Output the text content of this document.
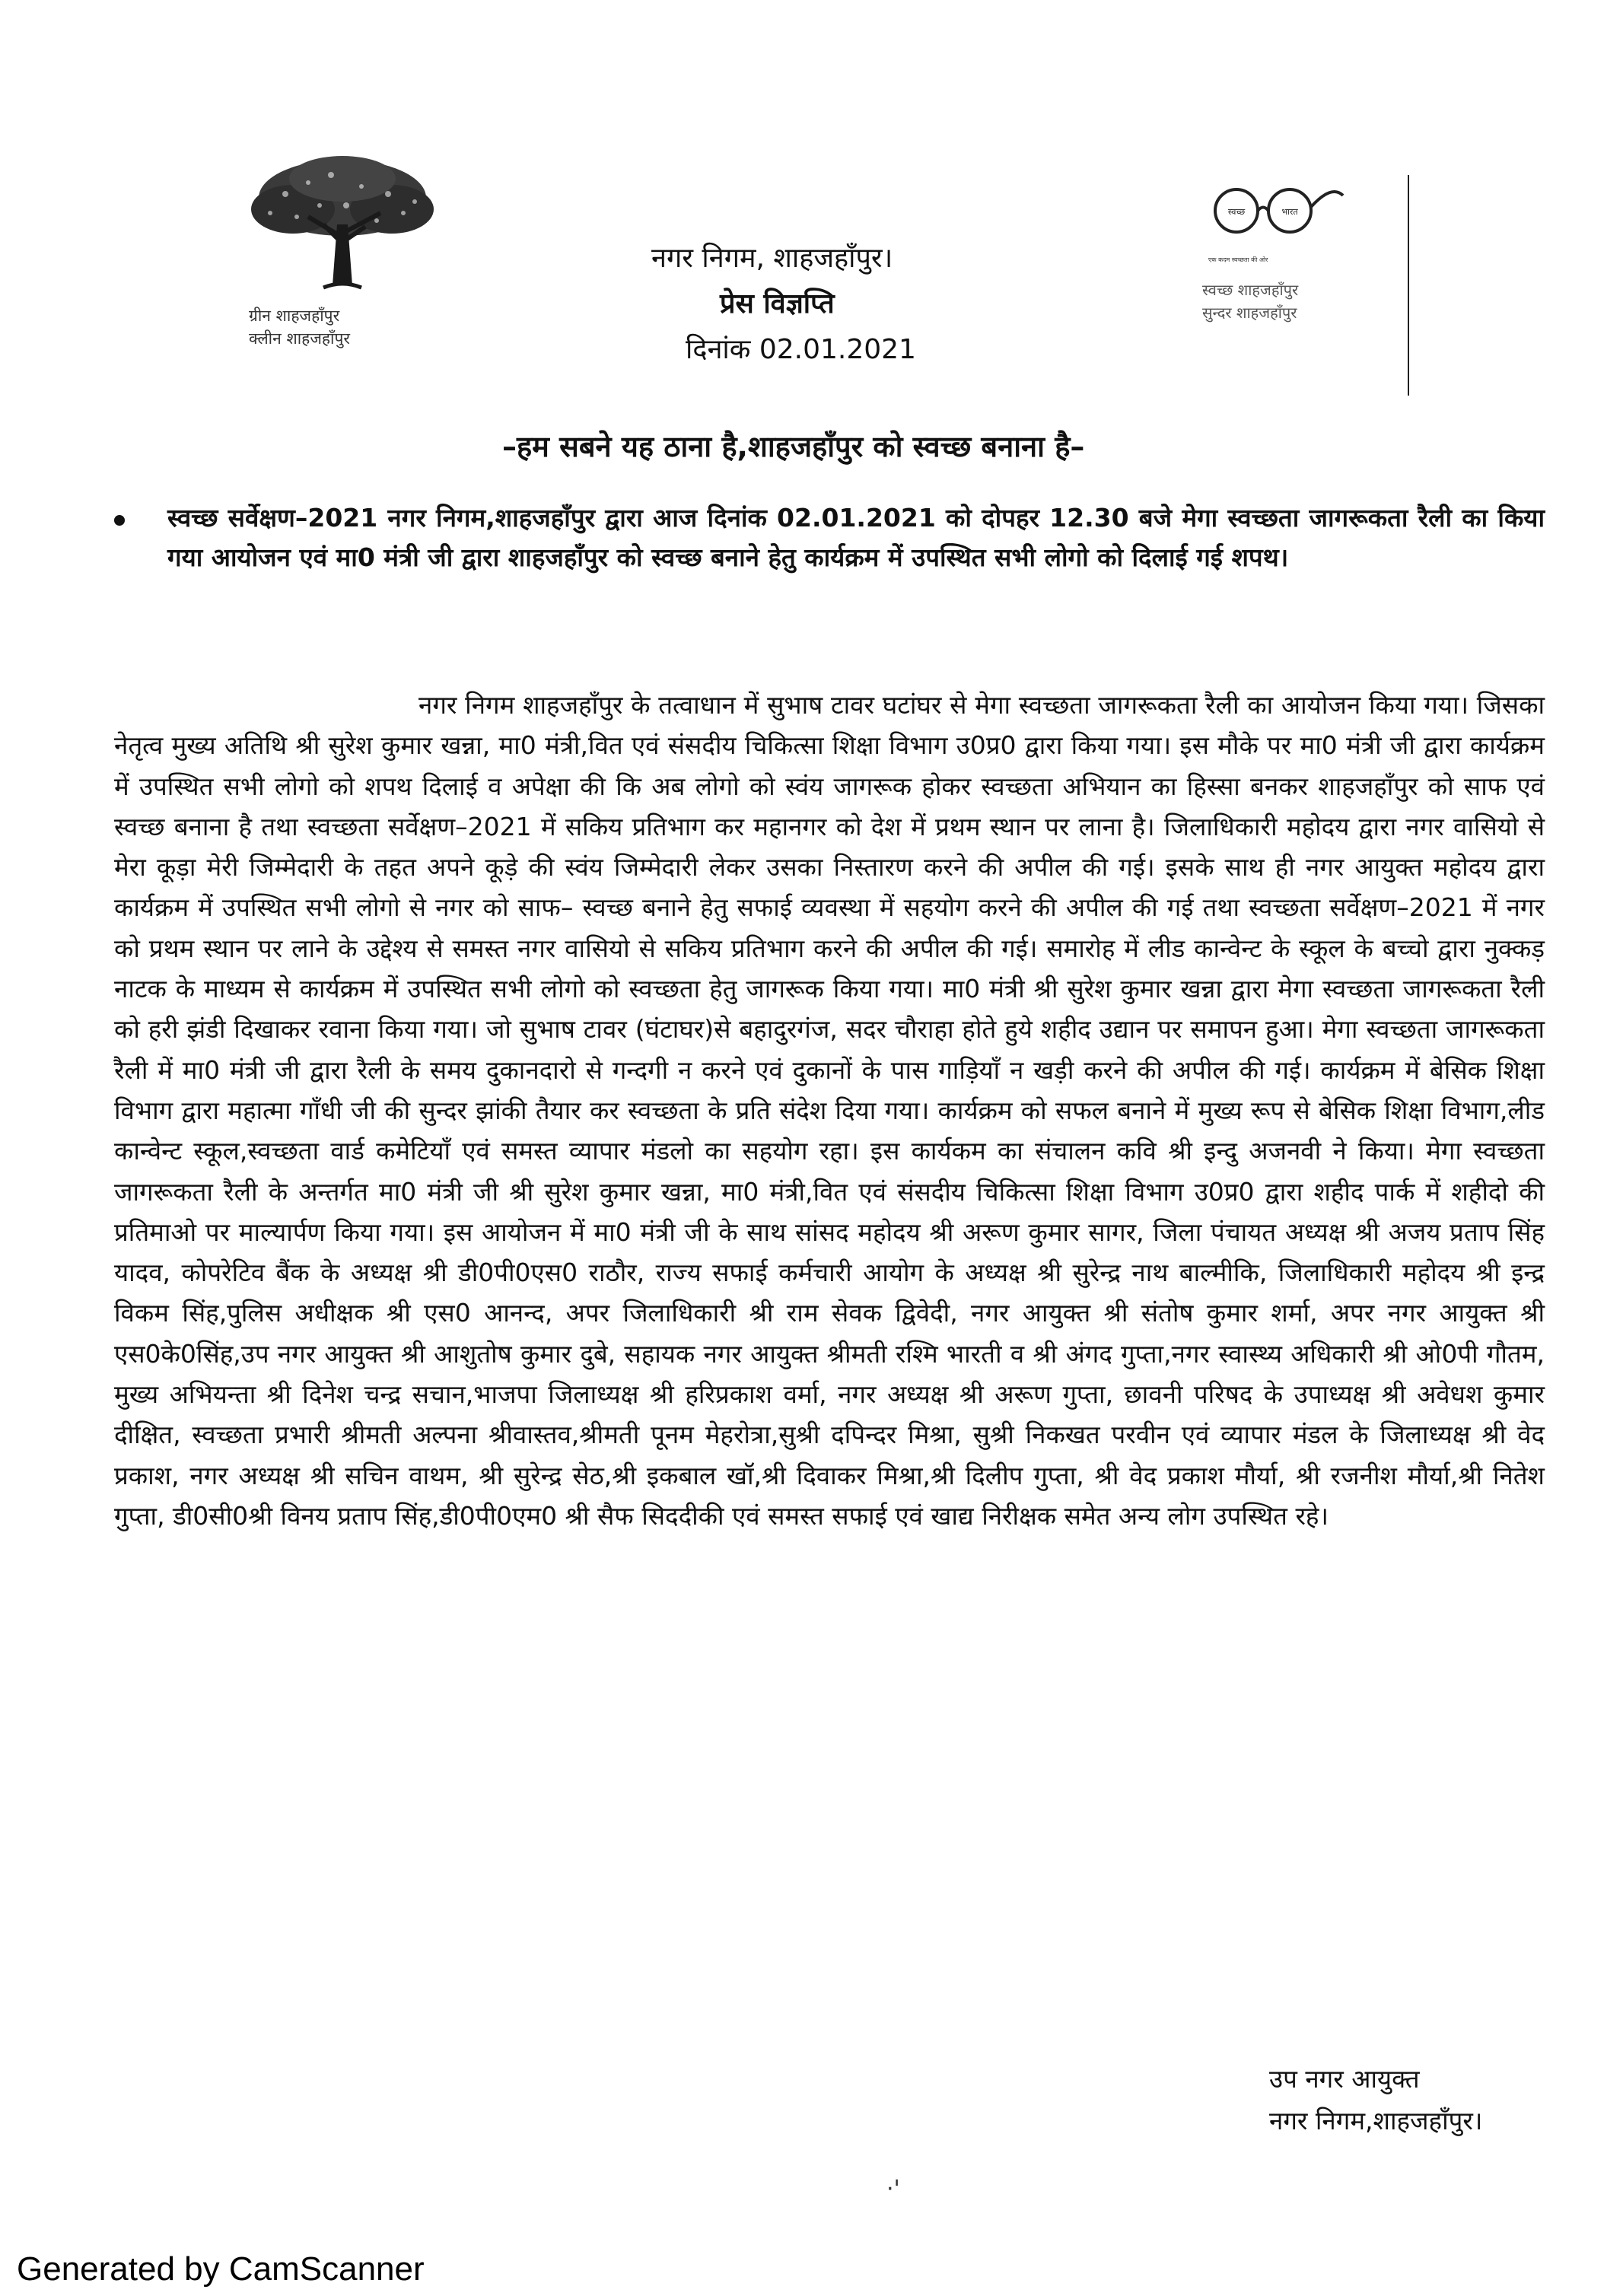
ग्रीन शाहजहाँपुर
क्लीन शाहजहाँपुर
नगर निगम, शाहजहाँपुर।
प्रेस विज्ञप्ति
दिनांक 02.01.2021
स्वच्छ	भारत
एक कदम स्वच्छता की ओर
स्वच्छ शाहजहाँपुर
सुन्दर शाहजहाँपुर
–हम सबने यह ठाना है,शाहजहाँपुर को स्वच्छ बनाना है–

स्वच्छ सर्वेक्षण–2021 नगर निगम,शाहजहाँपुर द्वारा आज दिनांक 02.01.2021 को दोपहर 12.30 बजे मेगा स्वच्छता जागरूकता रैली का किया गया आयोजन एवं मा0 मंत्री जी द्वारा शाहजहाँपुर को स्वच्छ बनाने हेतु कार्यक्रम में उपस्थित सभी लोगो को दिलाई गई शपथ।

नगर निगम शाहजहाँपुर के तत्वाधान में सुभाष टावर घटांघर से मेगा स्वच्छता जागरूकता रैली का आयोजन किया गया। जिसका नेतृत्व मुख्य अतिथि श्री सुरेश कुमार खन्ना, मा0 मंत्री,वित एवं संसदीय चिकित्सा शिक्षा विभाग उ0प्र0 द्वारा किया गया। इस मौके पर मा0 मंत्री जी द्वारा कार्यक्रम में उपस्थित सभी लोगो को शपथ दिलाई व अपेक्षा की कि अब लोगो को स्वंय जागरूक होकर स्वच्छता अभियान का हिस्सा बनकर शाहजहाँपुर को साफ एवं स्वच्छ बनाना है तथा स्वच्छता सर्वेक्षण–2021 में सकिय प्रतिभाग कर महानगर को देश में प्रथम स्थान पर लाना है। जिलाधिकारी महोदय द्वारा नगर वासियो से मेरा कूड़ा मेरी जिम्मेदारी के तहत अपने कूड़े की स्वंय जिम्मेदारी लेकर उसका निस्तारण करने की अपील की गई। इसके साथ ही नगर आयुक्त महोदय द्वारा कार्यक्रम में उपस्थित सभी लोगो से नगर को साफ– स्वच्छ बनाने हेतु सफाई व्यवस्था में सहयोग करने की अपील की गई तथा स्वच्छता सर्वेक्षण–2021 में नगर को प्रथम स्थान पर लाने के उद्देश्य से समस्त नगर वासियो से सकिय प्रतिभाग करने की अपील की गई। समारोह में लीड कान्वेन्ट के स्कूल के बच्चो द्वारा नुक्कड़ नाटक के माध्यम से कार्यक्रम में उपस्थित सभी लोगो को स्वच्छता हेतु जागरूक किया गया। मा0 मंत्री श्री सुरेश कुमार खन्ना द्वारा मेगा स्वच्छता जागरूकता रैली को हरी झंडी दिखाकर रवाना किया गया। जो सुभाष टावर (घंटाघर)से बहादुरगंज, सदर चौराहा होते हुये शहीद उद्यान पर समापन हुआ। मेगा स्वच्छता जागरूकता रैली में मा0 मंत्री जी द्वारा रैली के समय दुकानदारो से गन्दगी न करने एवं दुकानों के पास गाड़ियाँ न खड़ी करने की अपील की गई। कार्यक्रम में बेसिक शिक्षा विभाग द्वारा महात्मा गाँधी जी की सुन्दर झांकी तैयार कर स्वच्छता के प्रति संदेश दिया गया। कार्यक्रम को सफल बनाने में मुख्य रूप से बेसिक शिक्षा विभाग,लीड कान्वेन्ट स्कूल,स्वच्छता वार्ड कमेटियाँ एवं समस्त व्यापार मंडलो का सहयोग रहा। इस कार्यकम का संचालन कवि श्री इन्दु अजनवी ने किया। मेगा स्वच्छता जागरूकता रैली के अन्तर्गत मा0 मंत्री जी श्री सुरेश कुमार खन्ना, मा0 मंत्री,वित एवं संसदीय चिकित्सा शिक्षा विभाग उ0प्र0 द्वारा शहीद पार्क में शहीदो की प्रतिमाओ पर माल्यार्पण किया गया। इस आयोजन में मा0 मंत्री जी के साथ सांसद महोदय श्री अरूण कुमार सागर, जिला पंचायत अध्यक्ष श्री अजय प्रताप सिंह यादव, कोपरेटिव बैंक के अध्यक्ष श्री डी0पी0एस0 राठौर, राज्य सफाई कर्मचारी आयोग के अध्यक्ष श्री सुरेन्द्र नाथ बाल्मीकि, जिलाधिकारी महोदय श्री इन्द्र विकम सिंह,पुलिस अधीक्षक श्री एस0 आनन्द, अपर जिलाधिकारी श्री राम सेवक द्विवेदी, नगर आयुक्त श्री संतोष कुमार शर्मा, अपर नगर आयुक्त श्री एस0के0सिंह,उप नगर आयुक्त श्री आशुतोष कुमार दुबे, सहायक नगर आयुक्त श्रीमती रश्मि भारती व श्री अंगद गुप्ता,नगर स्वास्थ्य अधिकारी श्री ओ0पी गौतम, मुख्य अभियन्ता श्री दिनेश चन्द्र सचान,भाजपा जिलाध्यक्ष श्री हरिप्रकाश वर्मा, नगर अध्यक्ष श्री अरूण गुप्ता, छावनी परिषद के उपाध्यक्ष श्री अवेधश कुमार दीक्षित, स्वच्छता प्रभारी श्रीमती अल्पना श्रीवास्तव,श्रीमती पूनम मेहरोत्रा,सुश्री दपिन्दर मिश्रा, सुश्री निकखत परवीन एवं व्यापार मंडल के जिलाध्यक्ष श्री वेद प्रकाश, नगर अध्यक्ष श्री सचिन वाथम, श्री सुरेन्द्र सेठ,श्री इकबाल खॉ,श्री दिवाकर मिश्रा,श्री दिलीप गुप्ता, श्री वेद प्रकाश मौर्या, श्री रजनीश मौर्या,श्री नितेश गुप्ता, डी0सी0श्री विनय प्रताप सिंह,डी0पी0एम0 श्री सैफ सिददीकी एवं समस्त सफाई एवं खाद्य निरीक्षक समेत अन्य लोग उपस्थित रहे।

उप नगर आयुक्त
नगर निगम,शाहजहाँपुर।
·'
Generated by CamScanner
